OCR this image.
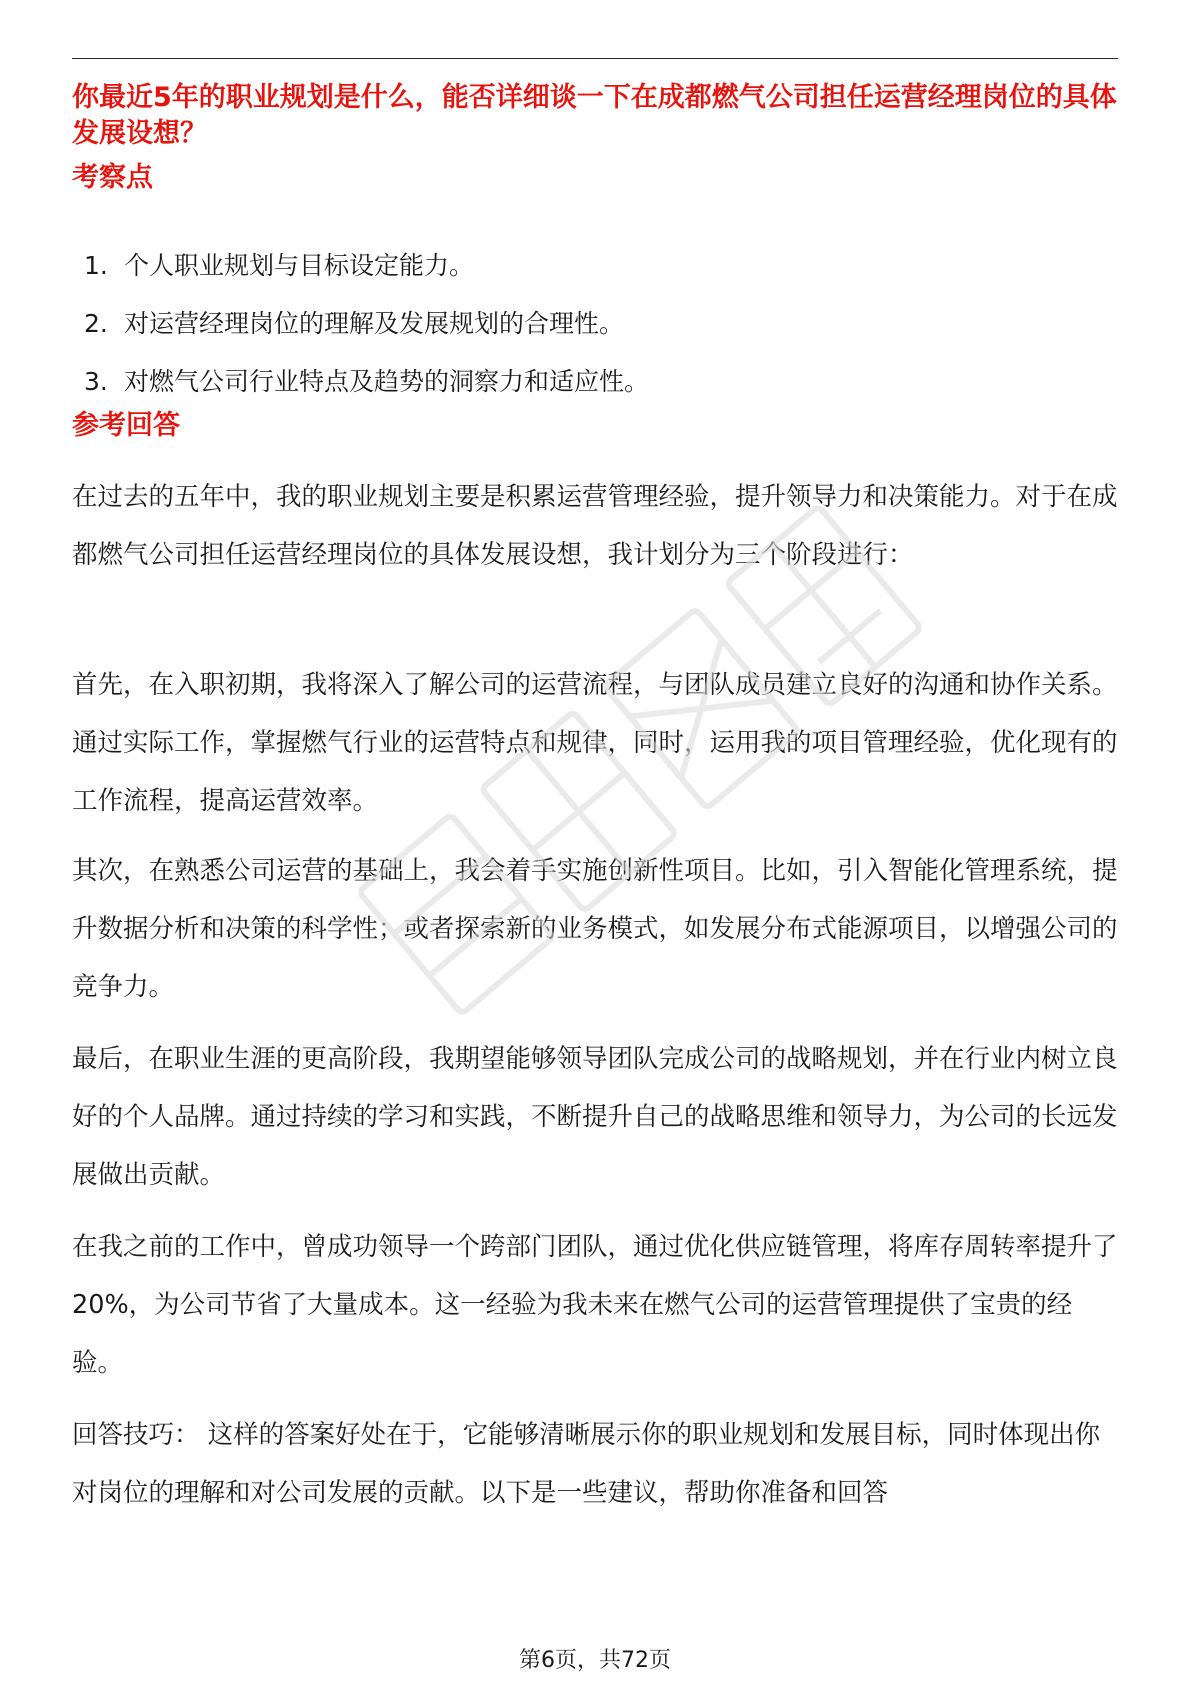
你最近5年的职业规划是什么，能否详细谈一下在成都燃气公司担任运营经理岗位的具体发展设想？
考察点
1. 个人职业规划与目标设定能力。
2. 对运营经理岗位的理解及发展规划的合理性。
3. 对燃气公司行业特点及趋势的洞察力和适应性。
参考回答

在过去的五年中，我的职业规划主要是积累运营管理经验，提升领导力和决策能力。对于在成都燃气公司担任运营经理岗位的具体发展设想，我计划分为三个阶段进行：

首先，在入职初期，我将深入了解公司的运营流程，与团队成员建立良好的沟通和协作关系。通过实际工作，掌握燃气行业的运营特点和规律，同时，运用我的项目管理经验，优化现有的工作流程，提高运营效率。

其次，在熟悉公司运营的基础上，我会着手实施创新性项目。比如，引入智能化管理系统，提升数据分析和决策的科学性；或者探索新的业务模式，如发展分布式能源项目，以增强公司的竞争力。

最后，在职业生涯的更高阶段，我期望能够领导团队完成公司的战略规划，并在行业内树立良好的个人品牌。通过持续的学习和实践，不断提升自己的战略思维和领导力，为公司的长远发展做出贡献。

在我之前的工作中，曾成功领导一个跨部门团队，通过优化供应链管理，将库存周转率提升了20%，为公司节省了大量成本。这一经验为我未来在燃气公司的运营管理提供了宝贵的经验。

回答技巧： 这样的答案好处在于，它能够清晰展示你的职业规划和发展目标，同时体现出你对岗位的理解和对公司发展的贡献。以下是一些建议，帮助你准备和回答

第6页，共72页
